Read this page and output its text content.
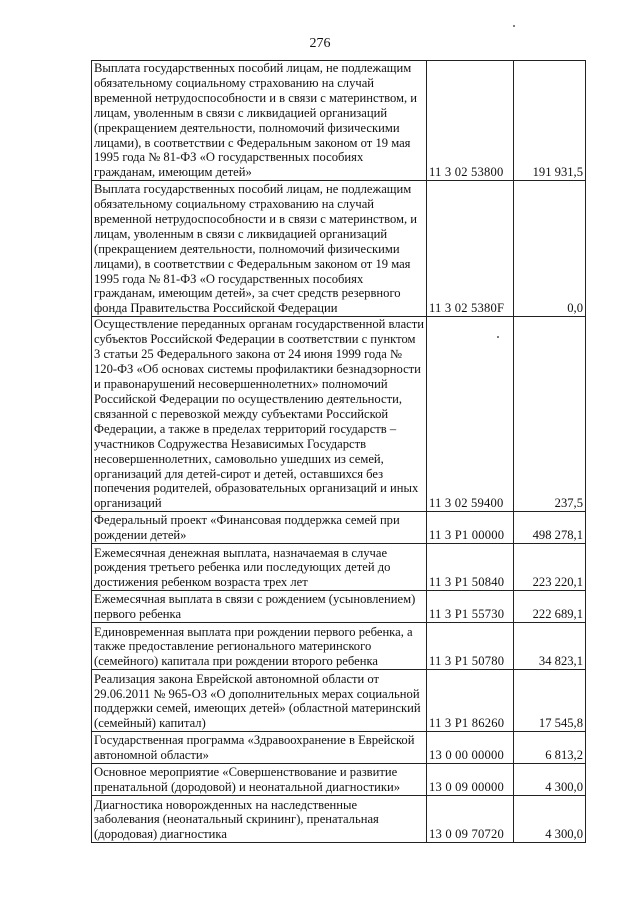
276
Выплата государственных пособий лицам, не подлежащим обязательному социальному страхованию на случай временной нетрудоспособности и в связи с материнством, и лицам, уволенным в связи с ликвидацией организаций (прекращением деятельности, полномочий физическими лицами), в соответствии с Федеральным законом от 19 мая 1995 года № 81-ФЗ «О государственных пособиях гражданам, имеющим детей»	11 3 02 53800	191 931,5
Выплата государственных пособий лицам, не подлежащим обязательному социальному страхованию на случай временной нетрудоспособности и в связи с материнством, и лицам, уволенным в связи с ликвидацией организаций (прекращением деятельности, полномочий физическими лицами), в соответствии с Федеральным законом от 19 мая 1995 года № 81-ФЗ «О государственных пособиях гражданам, имеющим детей», за счет средств резервного фонда Правительства Российской Федерации	11 3 02 5380F	0,0
Осуществление переданных органам государственной власти субъектов Российской Федерации в соответствии с пунктом 3 статьи 25 Федерального закона от 24 июня 1999 года № 120-ФЗ «Об основах системы профилактики безнадзорности и правонарушений несовершеннолетних» полномочий Российской Федерации по осуществлению деятельности, связанной с перевозкой между субъектами Российской Федерации, а также в пределах территорий государств – участников Содружества Независимых Государств несовершеннолетних, самовольно ушедших из семей, организаций для детей-сирот и детей, оставшихся без попечения родителей, образовательных организаций и иных организаций	11 3 02 59400	237,5
Федеральный проект «Финансовая поддержка семей при рождении детей»	11 3 P1 00000	498 278,1
Ежемесячная денежная выплата, назначаемая в случае рождения третьего ребенка или последующих детей до достижения ребенком возраста трех лет	11 3 P1 50840	223 220,1
Ежемесячная выплата в связи с рождением (усыновлением) первого ребенка	11 3 P1 55730	222 689,1
Единовременная выплата при рождении первого ребенка, а также предоставление регионального материнского (семейного) капитала при рождении второго ребенка	11 3 P1 50780	34 823,1
Реализация закона Еврейской автономной области от 29.06.2011 № 965-ОЗ «О дополнительных мерах социальной поддержки семей, имеющих детей» (областной материнский (семейный) капитал)	11 3 P1 86260	17 545,8
Государственная программа «Здравоохранение в Еврейской автономной области»	13 0 00 00000	6 813,2
Основное мероприятие «Совершенствование и развитие пренатальной (дородовой) и неонатальной диагностики»	13 0 09 00000	4 300,0
Диагностика новорожденных на наследственные заболевания (неонатальный скрининг), пренатальная (дородовая) диагностика	13 0 09 70720	4 300,0
